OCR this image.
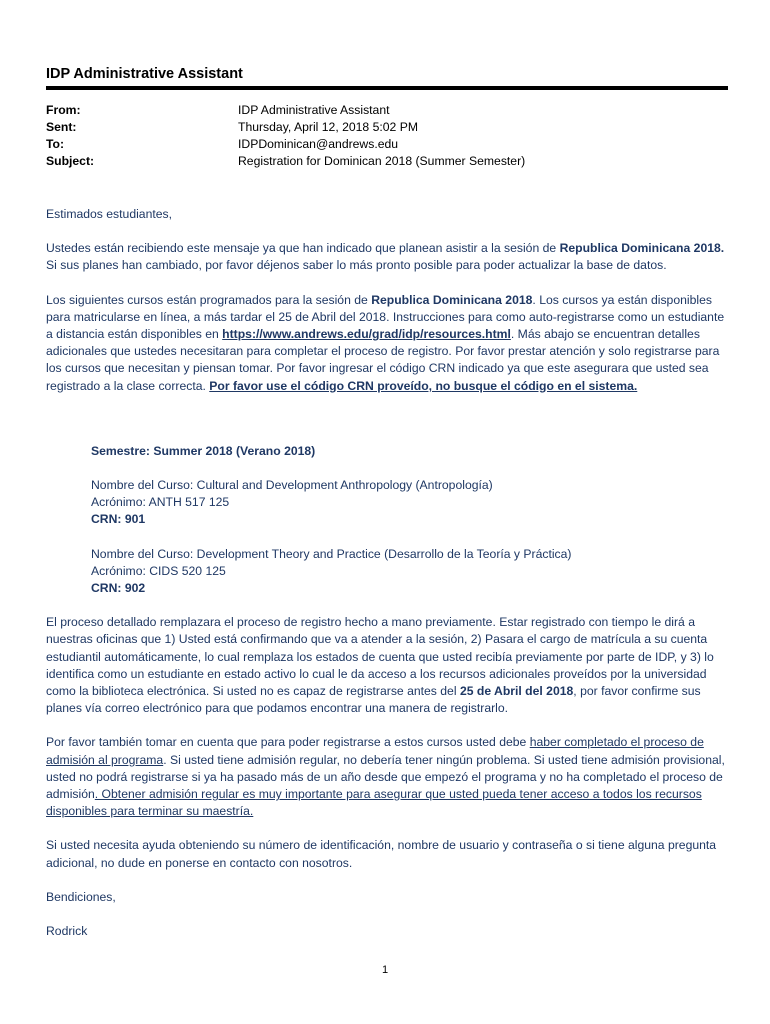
IDP Administrative Assistant
From:	IDP Administrative Assistant
Sent:	Thursday, April 12, 2018 5:02 PM
To:	IDPDominican@andrews.edu
Subject:	Registration for Dominican 2018 (Summer Semester)

Estimados estudiantes,

Ustedes están recibiendo este mensaje ya que han indicado que planean asistir a la sesión de Republica Dominicana 2018. Si sus planes han cambiado, por favor déjenos saber lo más pronto posible para poder actualizar la base de datos.

Los siguientes cursos están programados para la sesión de Republica Dominicana 2018. Los cursos ya están disponibles para matricularse en línea, a más tardar el 25 de Abril del 2018. Instrucciones para como auto-registrarse como un estudiante a distancia están disponibles en https://www.andrews.edu/grad/idp/resources.html. Más abajo se encuentran detalles adicionales que ustedes necesitaran para completar el proceso de registro. Por favor prestar atención y solo registrarse para los cursos que necesitan y piensan tomar. Por favor ingresar el código CRN indicado ya que este asegurara que usted sea registrado a la clase correcta. Por favor use el código CRN proveído, no busque el código en el sistema.

Semestre: Summer 2018 (Verano 2018)

Nombre del Curso: Cultural and Development Anthropology (Antropología)

Acrónimo: ANTH 517 125

CRN: 901

Nombre del Curso: Development Theory and Practice (Desarrollo de la Teoría y Práctica)

Acrónimo: CIDS 520 125

CRN: 902

El proceso detallado remplazara el proceso de registro hecho a mano previamente. Estar registrado con tiempo le dirá a nuestras oficinas que 1) Usted está confirmando que va a atender a la sesión, 2) Pasara el cargo de matrícula a su cuenta estudiantil automáticamente, lo cual remplaza los estados de cuenta que usted recibía previamente por parte de IDP, y 3) lo identifica como un estudiante en estado activo lo cual le da acceso a los recursos adicionales proveídos por la universidad como la biblioteca electrónica. Si usted no es capaz de registrarse antes del 25 de Abril del 2018, por favor confirme sus planes vía correo electrónico para que podamos encontrar una manera de registrarlo.

Por favor también tomar en cuenta que para poder registrarse a estos cursos usted debe haber completado el proceso de admisión al programa. Si usted tiene admisión regular, no debería tener ningún problema. Si usted tiene admisión provisional, usted no podrá registrarse si ya ha pasado más de un año desde que empezó el programa y no ha completado el proceso de admisión. Obtener admisión regular es muy importante para asegurar que usted pueda tener acceso a todos los recursos disponibles para terminar su maestría.

Si usted necesita ayuda obteniendo su número de identificación, nombre de usuario y contraseña o si tiene alguna pregunta adicional, no dude en ponerse en contacto con nosotros.

Bendiciones,

Rodrick

1
